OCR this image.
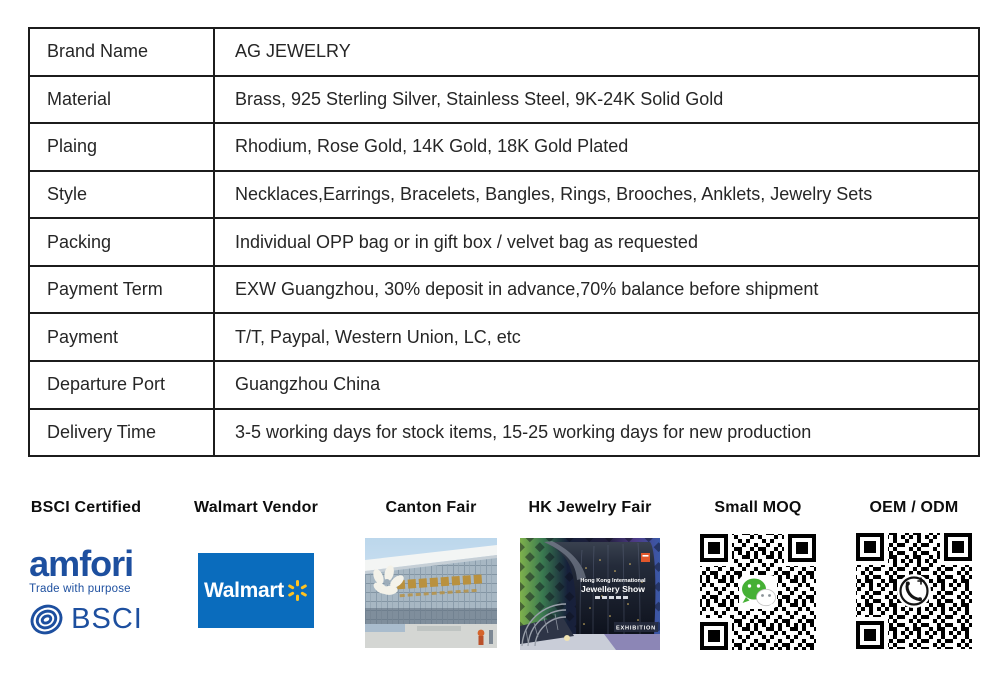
Brand Name	AG JEWELRY
Material	Brass, 925 Sterling Silver, Stainless Steel, 9K-24K Solid Gold
Plaing	Rhodium, Rose Gold, 14K Gold, 18K Gold Plated
Style	Necklaces,Earrings, Bracelets, Bangles, Rings, Brooches, Anklets, Jewelry Sets
Packing	Individual OPP bag or in gift box / velvet bag as requested
Payment Term	EXW Guangzhou, 30% deposit in advance,70% balance before shipment
Payment	T/T, Paypal, Western Union, LC, etc
Departure Port	Guangzhou China
Delivery Time	3-5 working days for stock items, 15-25 working days for new production
BSCI Certified
amfori
Trade with purpose
BSCI
Walmart Vendor
Walmart
Canton Fair	HK Jewelry Fair
Hong Kong International
Jewellery Show
EXHIBITION
Small MOQ	OEM / ODM
